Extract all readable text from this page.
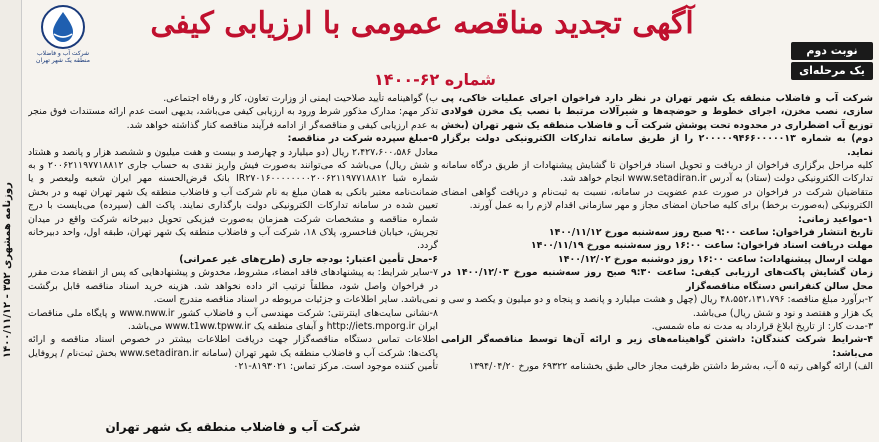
روزنامه همشهری ۳۵۲ - ۱۴۰۰/۱۱/۱۲
شرکت آب و فاضلاب
منطقه یک شهر تهران
آگهی تجدید مناقصه عمومی با ارزیابی کیفی
نوبت دوم
یک مرحله‌ای
شماره ۶۲-۱۴۰۰

شرکت آب و فاضلاب منطقه یک شهر تهران در نظر دارد فراخوان اجرای عملیات خاکی، پی سازی، نصب مخزن، اجرای خطوط و حوضچه‌ها و شیرآلات مرتبط با نصب یک مخزن فولادی توزیع آب اضطراری در محدوده تحت پوشش شرکت آب و فاضلاب منطقه یک شهر تهران (بخش دوم) به شماره ۲۰۰۰۰۰۹۴۶۶۰۰۰۰۰۱۳ را از طریق سامانه تدارکات الکترونیکی دولت برگزار نماید.

کلیه مراحل برگزاری فراخوان از دریافت و تحویل اسناد فراخوان تا گشایش پیشنهادات از طریق درگاه سامانه تدارکات الکترونیکی دولت (ستاد) به آدرس www.setadiran.ir انجام خواهد شد.

متقاضیان شرکت در فراخوان در صورت عدم عضویت در سامانه، نسبت به ثبت‌نام و دریافت گواهی امضای الکترونیکی (به‌صورت برخط) برای کلیه صاحبان امضای مجاز و مهر سازمانی اقدام لازم را به عمل آورند.

۱-مواعید زمانی:

تاریخ انتشار فراخوان: ساعت ۹:۰۰ صبح روز سه‌شنبه مورخ ۱۴۰۰/۱۱/۱۲

مهلت دریافت اسناد فراخوان: ساعت ۱۶:۰۰ روز سه‌شنبه مورخ ۱۴۰۰/۱۱/۱۹

مهلت ارسال پیشنهادات: ساعت ۱۶:۰۰ روز دوشنبه مورخ ۱۴۰۰/۱۲/۰۲

زمان گشایش پاکت‌های ارزیابی کیفی: ساعت ۹:۳۰ صبح روز سه‌شنبه مورخ ۱۴۰۰/۱۲/۰۳ در محل سالن کنفرانس دستگاه مناقصه‌گزار

۲-برآورد مبلغ مناقصه: ۴۸،۵۵۲،۱۳۱،۷۹۶ ریال (چهل و هشت میلیارد و پانصد و پنجاه و دو میلیون و یکصد و سی و یک هزار و هفتصد و نود و شش ریال) می‌باشد.

۳-مدت کار: از تاریخ ابلاغ قرارداد به مدت نه ماه شمسی.

۴-شرایط شرکت کنندگان: داشتن گواهینامه‌های زیر و ارائه آن‌ها توسط مناقصه‌گر الزامی می‌باشد:

الف) ارائه گواهی رتبه ۵ آب، به‌شرط داشتن ظرفیت مجاز خالی طبق بخشنامه ۶۹۳۲۲ مورخ ۱۳۹۴/۰۴/۲۰

ب) گواهینامه تأیید صلاحیت ایمنی از وزارت تعاون، کار و رفاه اجتماعی.

تذکر مهم: مدارک مذکور شرط ورود به ارزیابی کیفی می‌باشد، بدیهی است عدم ارائه مستندات فوق منجر به عدم ارزیابی کیفی و مناقصه‌گر از ادامه فرآیند مناقصه کنار گذاشته خواهد شد.

۵-مبلغ سپرده شرکت در مناقصه:

معادل ۲،۴۲۷،۶۰۰،۵۸۶ ریال (دو میلیارد و چهارصد و بیست و هفت میلیون و ششصد هزار و پانصد و هشتاد و شش ریال) می‌باشد که می‌توانند به‌صورت فیش واریز نقدی به حساب جاری ۲۰۰۶۲۱۱۹۷۷۱۸۸۱۲ و به شماره شبا IR۲۷۰۱۶۰۰۰۰۰۰۰۰۲۰۰۶۲۱۱۹۷۷۱۸۸۱۲ بانک قرض‌الحسنه مهر ایران شعبه ولیعصر و یا ضمانت‌نامه معتبر بانکی به همان مبلغ به نام شرکت آب و فاضلاب منطقه یک شهر تهران تهیه و در بخش تعیین شده در سامانه تدارکات الکترونیکی دولت بارگذاری نمایند. پاکت الف (سپرده) می‌بایست با درج شماره مناقصه و مشخصات شرکت همزمان به‌صورت فیزیکی تحویل دبیرخانه شرکت واقع در میدان تجریش، خیابان فناخسرو، پلاک ۱۸، شرکت آب و فاضلاب منطقه یک شهر تهران، طبقه اول، واحد دبیرخانه گردد.

۶-محل تأمین اعتبار: بودجه جاری (طرح‌های غیر عمرانی)

۷-سایر شرایط: به پیشنهادهای فاقد امضاء، مشروط، مخدوش و پیشنهادهایی که پس از انقضاء مدت مقرر در فراخوان واصل شود، مطلقاً ترتیب اثر داده نخواهد شد. هزینه خرید اسناد مناقصه قابل برگشت نمی‌باشد. سایر اطلاعات و جزئیات مربوطه در اسناد مناقصه مندرج است.

۸-نشانی سایت‌های اینترنتی: شرکت مهندسی آب و فاضلاب کشور www.nww.ir و پایگاه ملی مناقصات ایران http://iets.mporg.ir و آبفای منطقه یک www.t1ww.tpww.ir می‌باشد.

اطلاعات تماس دستگاه مناقصه‌گزار جهت دریافت اطلاعات بیشتر در خصوص اسناد مناقصه و ارائه پاکت‌ها: شرکت آب و فاضلاب منطقه یک شهر تهران (سامانه www.setadiran.ir بخش ثبت‌نام / پروفایل تأمین کننده موجود است. مرکز تماس: ۸۱۹۳۰۲۱-۰۲۱

شرکت آب و فاضلاب منطقه یک شهر تهران
